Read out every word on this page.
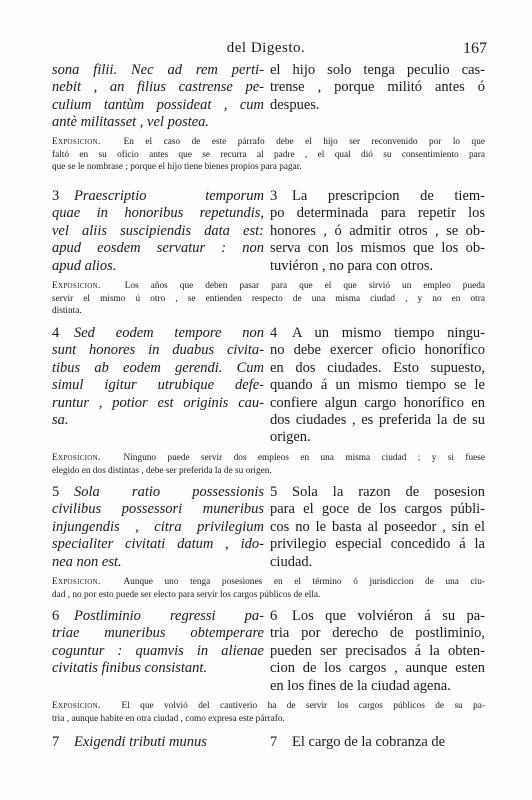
del Digesto.	167
sona filii. Nec ad rem perti-
nebit , an filius castrense pe-
culium tantùm possideat , cum
antè militasset , vel postea.
el hijo solo tenga peculio cas-
trense , porque militó antes ó
despues.
Exposicion. En el caso de este párrafo debe el hijo ser reconvenido por lo que
faltó en su oficio antes que se recurra al padre , el qual dió su consentimiento para
que se le nombrase ; porque el hijo tiene bienes propios para pagar.
3 Praescriptio temporum
quae in honoribus repetundis,
vel aliis suscipiendis data est:
apud eosdem servatur : non
apud alios.
3 La prescripcion de tiem-
po determinada para repetir los
honores , ó admitir otros , se ob-
serva con los mismos que los ob-
tuviéron , no para con otros.
Exposicion.	Los años que deben pasar para que el que sirvió un empleo pueda
servir el mismo ú otro , se entienden respecto de una misma ciudad , y no en otra
distinta.
4 Sed eodem tempore non
sunt honores in duabus civita-
tibus ab eodem gerendi. Cum
simul igitur utrubique defe-
runtur , potior est originis cau-
sa.
4 A un mismo tiempo ningu-
no debe exercer oficio honorífico
en dos ciudades. Esto supuesto,
quando á un mismo tiempo se le
confiere algun cargo honorífico en
dos ciudades , es preferida la de su
origen.
Exposicion. Ninguno puede servir dos empleos en una misma ciudad ; y si fuese
elegido en dos distintas , debe ser preferida la de su origen.
5 Sola ratio possessionis
civilibus possessori muneribus
injungendis , citra privilegium
specialiter civitati datum , ido-
nea non est.
5 Sola la razon de posesion
para el goce de los cargos públi-
cos no le basta al poseedor , sin el
privilegio especial concedido á la
ciudad.
Exposicion. Aunque uno tenga posesiones en el término ó jurisdiccion de una ciu-
dad , no por esto puede ser electo para servir los cargos públicos de ella.
6 Postliminio regressi pa-
triae muneribus obtemperare
coguntur : quamvis in alienae
civitatis finibus consistant.
6 Los que volviéron á su pa-
tria por derecho de postliminio,
pueden ser precisados á la obten-
cion de los cargos , aunque esten
en los fines de la ciudad agena.
Exposicion. El que volvió del cautiverio ha de servir los cargos públicos de su pa-
tria , aunque habite en otra ciudad , como expresa este párrafo.
7 Exigendi tributi munus	7 El cargo de la cobranza de
